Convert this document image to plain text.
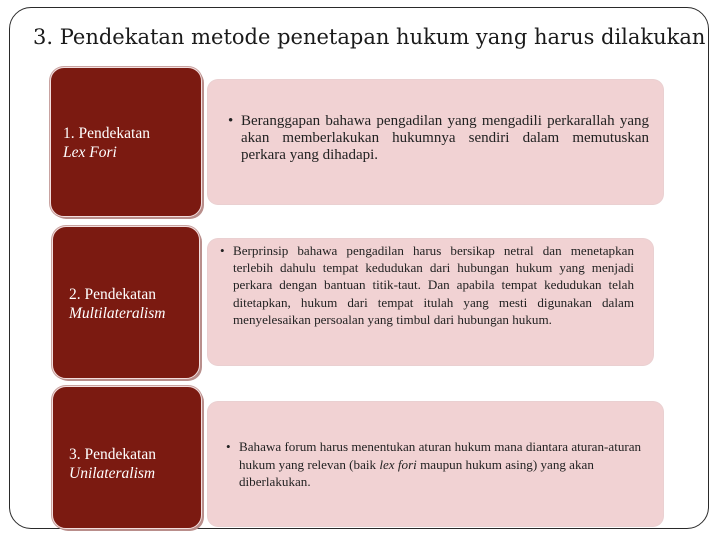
3. Pendekatan metode penetapan hukum yang harus dilakukan
• Beranggapan bahawa pengadilan yang mengadili perkarallah yang akan memberlakukan hukumnya sendiri dalam memutuskan perkara yang dihadapi.
1. Pendekatan
Lex Fori
• Berprinsip bahawa pengadilan harus bersikap netral dan menetapkan terlebih dahulu tempat kedudukan dari hubungan hukum yang menjadi perkara dengan bantuan titik-taut. Dan apabila tempat kedudukan telah ditetapkan, hukum dari tempat itulah yang mesti digunakan dalam menyelesaikan persoalan yang timbul dari hubungan hukum.
2. Pendekatan
Multilateralism
• Bahawa forum harus menentukan aturan hukum mana diantara aturan-aturan hukum yang relevan (baik lex fori maupun hukum asing) yang akan diberlakukan.
3. Pendekatan
Unilateralism
